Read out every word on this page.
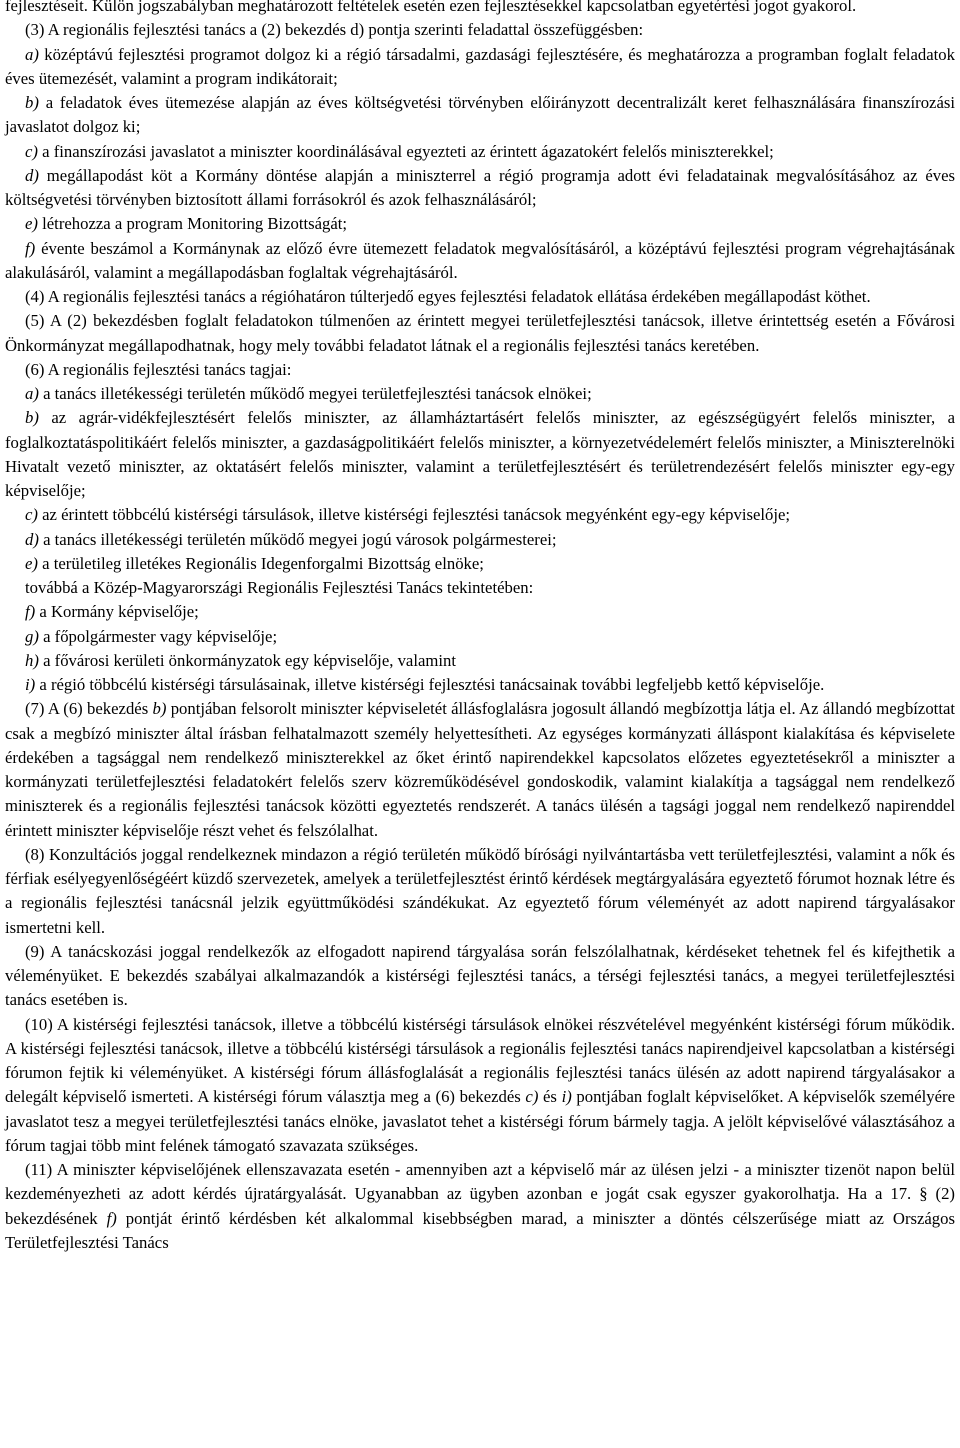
fejlesztéseit. Külön jogszabályban meghatározott feltételek esetén ezen fejlesztésekkel kapcsolatban egyetértési jogot gyakorol.

(3) A regionális fejlesztési tanács a (2) bekezdés d) pontja szerinti feladattal összefüggésben:

a) középtávú fejlesztési programot dolgoz ki a régió társadalmi, gazdasági fejlesztésére, és meghatározza a programban foglalt feladatok éves ütemezését, valamint a program indikátorait;

b) a feladatok éves ütemezése alapján az éves költségvetési törvényben előirányzott decentralizált keret felhasználására finanszírozási javaslatot dolgoz ki;

c) a finanszírozási javaslatot a miniszter koordinálásával egyezteti az érintett ágazatokért felelős miniszterekkel;

d) megállapodást köt a Kormány döntése alapján a miniszterrel a régió programja adott évi feladatainak megvalósításához az éves költségvetési törvényben biztosított állami forrásokról és azok felhasználásáról;

e) létrehozza a program Monitoring Bizottságát;

f) évente beszámol a Kormánynak az előző évre ütemezett feladatok megvalósításáról, a középtávú fejlesztési program végrehajtásának alakulásáról, valamint a megállapodásban foglaltak végrehajtásáról.

(4) A regionális fejlesztési tanács a régióhatáron túlterjedő egyes fejlesztési feladatok ellátása érdekében megállapodást köthet.

(5) A (2) bekezdésben foglalt feladatokon túlmenően az érintett megyei területfejlesztési tanácsok, illetve érintettség esetén a Fővárosi Önkormányzat megállapodhatnak, hogy mely további feladatot látnak el a regionális fejlesztési tanács keretében.

(6) A regionális fejlesztési tanács tagjai:

a) a tanács illetékességi területén működő megyei területfejlesztési tanácsok elnökei;

b) az agrár-vidékfejlesztésért felelős miniszter, az államháztartásért felelős miniszter, az egészségügyért felelős miniszter, a foglalkoztatáspolitikáért felelős miniszter, a gazdaságpolitikáért felelős miniszter, a környezetvédelemért felelős miniszter, a Miniszterelnöki Hivatalt vezető miniszter, az oktatásért felelős miniszter, valamint a területfejlesztésért és területrendezésért felelős miniszter egy-egy képviselője;

c) az érintett többcélú kistérségi társulások, illetve kistérségi fejlesztési tanácsok megyénként egy-egy képviselője;

d) a tanács illetékességi területén működő megyei jogú városok polgármesterei;

e) a területileg illetékes Regionális Idegenforgalmi Bizottság elnöke;

továbbá a Közép-Magyarországi Regionális Fejlesztési Tanács tekintetében:

f) a Kormány képviselője;

g) a főpolgármester vagy képviselője;

h) a fővárosi kerületi önkormányzatok egy képviselője, valamint

i) a régió többcélú kistérségi társulásainak, illetve kistérségi fejlesztési tanácsainak további legfeljebb kettő képviselője.

(7) A (6) bekezdés b) pontjában felsorolt miniszter képviseletét állásfoglalásra jogosult állandó megbízottja látja el. Az állandó megbízottat csak a megbízó miniszter által írásban felhatalmazott személy helyettesítheti. Az egységes kormányzati álláspont kialakítása és képviselete érdekében a tagsággal nem rendelkező miniszterekkel az őket érintő napirendekkel kapcsolatos előzetes egyeztetésekről a miniszter a kormányzati területfejlesztési feladatokért felelős szerv közreműködésével gondoskodik, valamint kialakítja a tagsággal nem rendelkező miniszterek és a regionális fejlesztési tanácsok közötti egyeztetés rendszerét. A tanács ülésén a tagsági joggal nem rendelkező napirenddel érintett miniszter képviselője részt vehet és felszólalhat.

(8) Konzultációs joggal rendelkeznek mindazon a régió területén működő bírósági nyilvántartásba vett területfejlesztési, valamint a nők és férfiak esélyegyenlőségéért küzdő szervezetek, amelyek a területfejlesztést érintő kérdések megtárgyalására egyeztető fórumot hoznak létre és a regionális fejlesztési tanácsnál jelzik együttműködési szándékukat. Az egyeztető fórum véleményét az adott napirend tárgyalásakor ismertetni kell.

(9) A tanácskozási joggal rendelkezők az elfogadott napirend tárgyalása során felszólalhatnak, kérdéseket tehetnek fel és kifejthetik a véleményüket. E bekezdés szabályai alkalmazandók a kistérségi fejlesztési tanács, a térségi fejlesztési tanács, a megyei területfejlesztési tanács esetében is.

(10) A kistérségi fejlesztési tanácsok, illetve a többcélú kistérségi társulások elnökei részvételével megyénként kistérségi fórum működik. A kistérségi fejlesztési tanácsok, illetve a többcélú kistérségi társulások a regionális fejlesztési tanács napirendjeivel kapcsolatban a kistérségi fórumon fejtik ki véleményüket. A kistérségi fórum állásfoglalását a regionális fejlesztési tanács ülésén az adott napirend tárgyalásakor a delegált képviselő ismerteti. A kistérségi fórum választja meg a (6) bekezdés c) és i) pontjában foglalt képviselőket. A képviselők személyére javaslatot tesz a megyei területfejlesztési tanács elnöke, javaslatot tehet a kistérségi fórum bármely tagja. A jelölt képviselővé választásához a fórum tagjai több mint felének támogató szavazata szükséges.

(11) A miniszter képviselőjének ellenszavazata esetén - amennyiben azt a képviselő már az ülésen jelzi - a miniszter tizenöt napon belül kezdeményezheti az adott kérdés újratárgyalását. Ugyanabban az ügyben azonban e jogát csak egyszer gyakorolhatja. Ha a 17. § (2) bekezdésének f) pontját érintő kérdésben két alkalommal kisebbségben marad, a miniszter a döntés célszerűsége miatt az Országos Területfejlesztési Tanács
